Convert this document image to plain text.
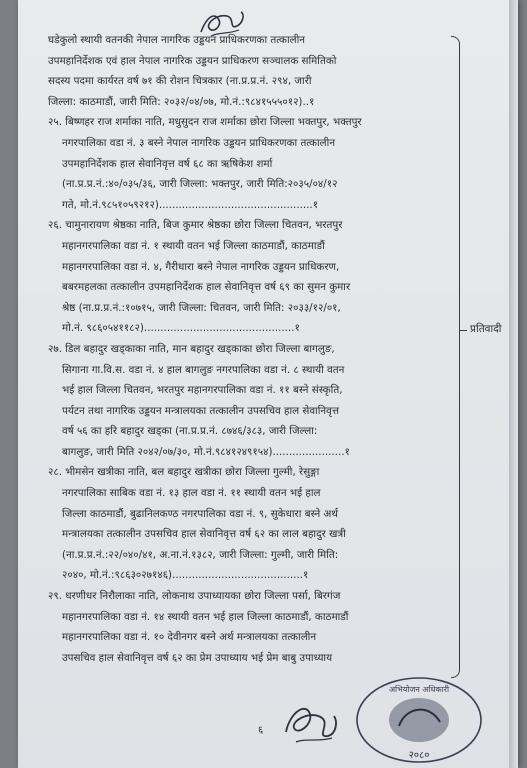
घडेकुलो स्थायी वतनकी नेपाल नागरिक उड्डयन प्राधिकरणका तत्कालीन
उपमहानिर्देशक एवं हाल नेपाल नागरिक उड्डयन प्राधिकरण सञ्चालक समितिको
सदस्य पदमा कार्यरत वर्ष ७१ की रोशन चित्रकार (ना.प्र.प्र.नं. २९४, जारी
जिल्ला: काठमाडौं, जारी मिति: २०३२/०४/०७, मो.नं.:९८४१५५५०१२)..१
२५. बिष्णहर राज शर्माका नाति, मधुसुदन राज शर्माका छोरा जिल्ला भक्तपुर, भक्तपुर
नगरपालिका वडा नं. ३ बस्ने नेपाल नागरिक उड्डयन प्राधिकरणका तत्कालीन
उपमहानिर्देशक हाल सेवानिवृत्त वर्ष ६८ का ऋषिकेश शर्मा
(ना.प्र.प्र.नं.:४०/०३५/३६, जारी जिल्ला: भक्तपुर, जारी मिति:२०३५/०४/१२
गते, मो.नं.९८५१०५९२१२)...............................................१
२६. चामुनारायण श्रेष्ठका नाति, बिज कुमार श्रेष्ठका छोरा जिल्ला चितवन, भरतपुर
महानगरपालिका वडा नं. १ स्थायी वतन भई जिल्ला काठमाडौं, काठमाडौं
महानगरपालिका वडा नं. ४, गैरीधारा बस्ने नेपाल नागरिक उड्डयन प्राधिकरण,
बबरमहलका तत्कालीन उपमहानिर्देशक हाल सेवानिवृत्त वर्ष ६९ का सुमन कुमार
श्रेष्ठ (ना.प्र.प्र.नं.:१०७१५, जारी जिल्ला: चितवन, जारी मिति: २०३३/१२/०१,
मो.नं. ९८६०५४११८२)..............................................१
२७. डिल बहादुर खड्काका नाति, मान बहादुर खड्काका छोरा जिल्ला बागलुङ,
सिगाना गा.वि.स. वडा नं. ४ हाल बागलुङ नगरपालिका वडा नं. ८ स्थायी वतन
भई हाल जिल्ला चितवन, भरतपुर महानगरपालिका वडा नं. ११ बस्ने संस्कृति,
पर्यटन तथा नागरिक उड्डयन मन्त्रालयका तत्कालीन उपसचिव हाल सेवानिवृत्त
वर्ष ५६ का हरि बहादुर खड्का (ना.प्र.प्र.नं. ८७४६/३८३, जारी जिल्ला:
बागलुङ, जारी मिति २०४२/०७/३०, मो.नं.९८४१२४९१५४)......................१
२८. भीमसेन खत्रीका नाति, बल बहादुर खत्रीका छोरा जिल्ला गुल्मी, रेसुङ्गा
नगरपालिका साबिक वडा नं. १३ हाल वडा नं. ११ स्थायी वतन भई हाल
जिल्ला काठमाडौं, बुढानिलकण्ठ नगरपालिका वडा नं. ९, सुकेधारा बस्ने अर्थ
मन्त्रालयका तत्कालीन उपसचिव हाल सेवानिवृत्त वर्ष ६२ का लाल बहादुर खत्री
(ना.प्र.प्र.नं.:२२/०४०/४१, अ.ना.नं.१३८२, जारी जिल्ला: गुल्मी, जारी मिति:
२०४०, मो.नं.:९८६३०२७१४६)........................................१
२९. धरणीधर निरौलाका नाति, लोकनाथ उपाध्यायका छोरा जिल्ला पर्सा, बिरगंज
महानगरपालिका वडा नं. १४ स्थायी वतन भई हाल जिल्ला काठमाडौं, काठमाडौं
महानगरपालिका वडा नं. १० देवीनगर बस्ने अर्थ मन्त्रालयका तत्कालीन
उपसचिव हाल सेवानिवृत्त वर्ष ६२ का प्रेम उपाध्याय भई प्रेम बाबु उपाध्याय
प्रतिवादी
६
२०८०
अभियोजन अधिकारी
